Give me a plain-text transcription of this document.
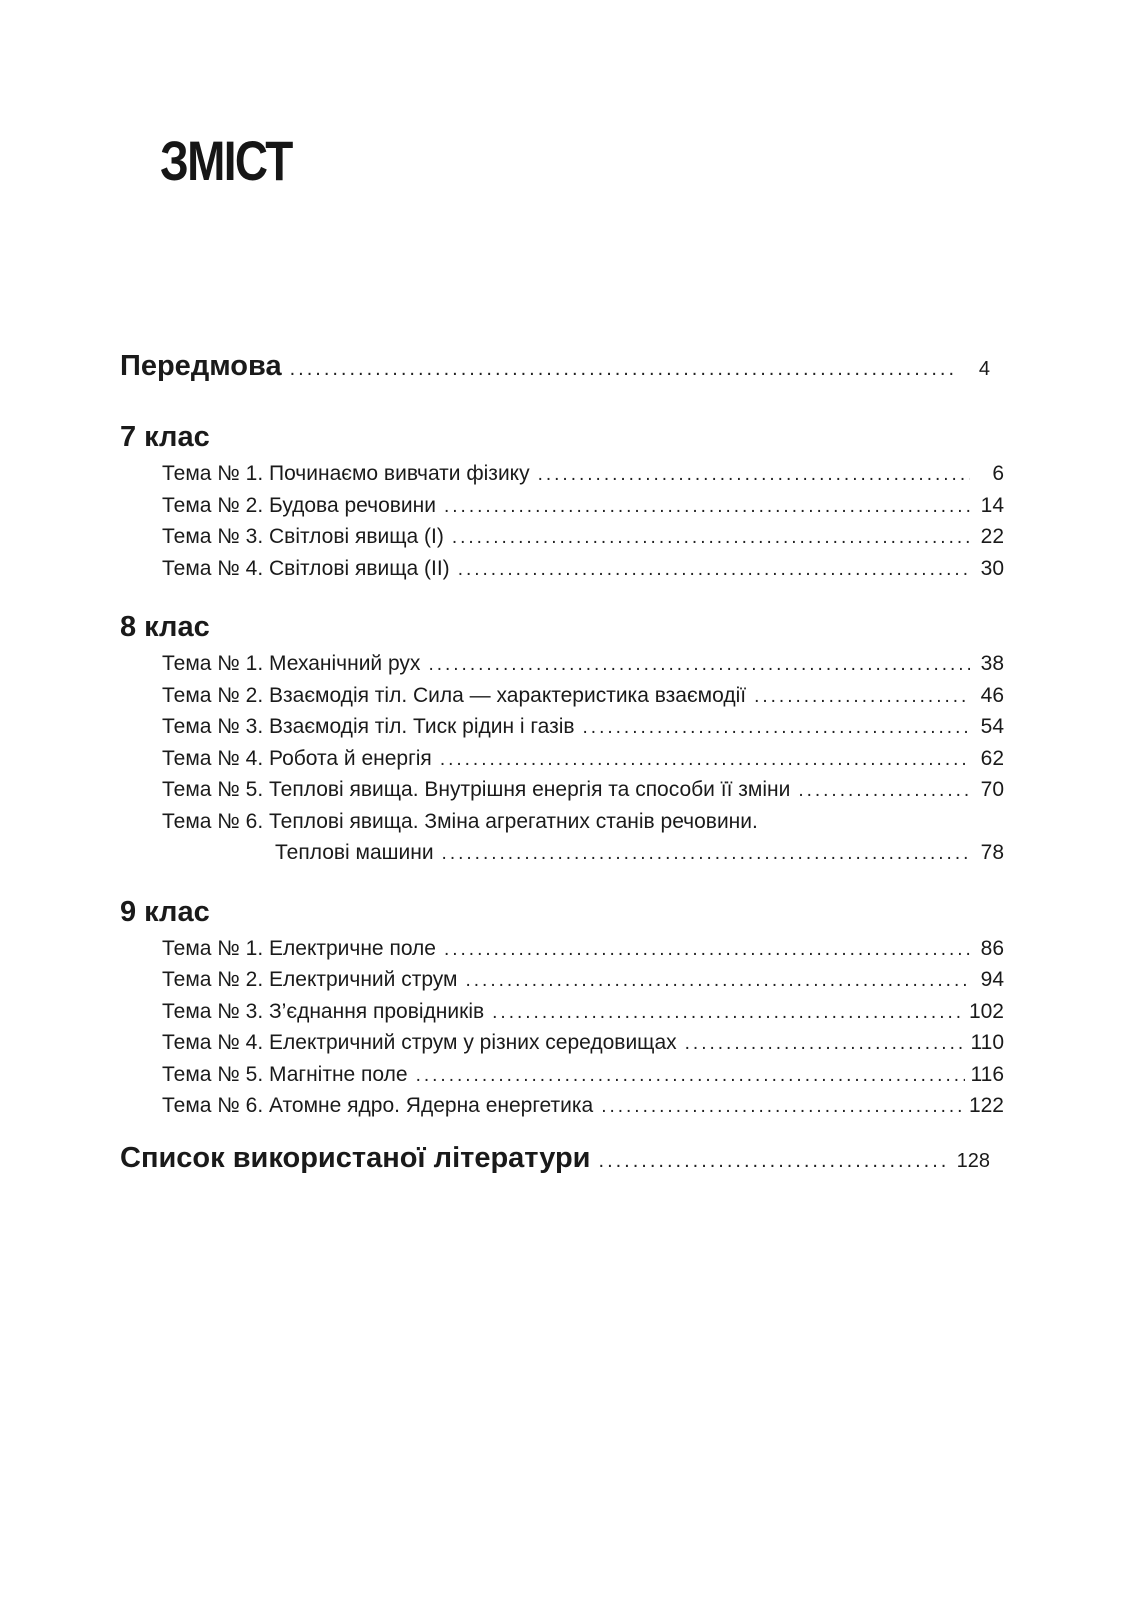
ЗМІСТ
Передмова .....	4
7 клас
Тема № 1. Починаємо вивчати фізику .....	6
Тема № 2. Будова речовини .....	14
Тема № 3. Світлові явища (І) .....	22
Тема № 4. Світлові явища (ІІ) .....	30
8 клас
Тема № 1. Механічний рух .....	38
Тема № 2. Взаємодія тіл. Сила — характеристика взаємодії .....	46
Тема № 3. Взаємодія тіл. Тиск рідин і газів .....	54
Тема № 4. Робота й енергія .....	62
Тема № 5. Теплові явища. Внутрішня енергія та способи її зміни .....	70
Тема № 6. Теплові явища. Зміна агрегатних станів речовини.
Теплові машини .....	78
9 клас
Тема № 1. Електричне поле .....	86
Тема № 2. Електричний струм .....	94
Тема № 3. З’єднання провідників .....	102
Тема № 4. Електричний струм у різних середовищах .....	110
Тема № 5. Магнітне поле .....	116
Тема № 6. Атомне ядро. Ядерна енергетика .....	122
Список використаної літератури .....	128
